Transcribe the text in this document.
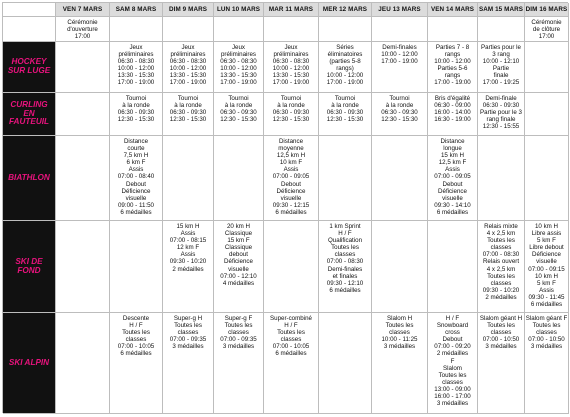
VEN 7 MARS SAM 8 MARS DIM 9 MARS LUN 10 MARS MAR 11 MARS MER 12 MARS JEU 13 MARS VEN 14 MARS SAM 15 MARS DIM 16 MARS
Cérémonie
d'ouverture
17:00
Cérémonie
de clôture
17:00
HOCKEY
SUR LUGE
Jeux
préliminaires
06:30 - 08:30
10:00 - 12:00
13:30 - 15:30
17:00 - 19:00
Jeux
préliminaires
06:30 - 08:30
10:00 - 12:00
13:30 - 15:30
17:00 - 19:00
Jeux
préliminaires
06:30 - 08:30
10:00 - 12:00
13:30 - 15:30
17:00 - 19:00
Jeux
préliminaires
06:30 - 08:30
10:00 - 12:00
13:30 - 15:30
17:00 - 19:00
Séries
éliminatoires
(parties 5-8
rangs)
10:00 - 12:00
17:00 - 19:00
Demi-finales
10:00 - 12:00
17:00 - 19:00
Parties 7 - 8
rangs
10:00 - 12:00
Parties 5-6
rangs
17:00 - 19:00
Parties pour le
3 rang
10:00 - 12:10
Partie
finale
17:00 - 19:25
CURLING
EN
FAUTEUIL
Tournoi
à la ronde
06:30 - 09:30
12:30 - 15:30
Tournoi
à la ronde
06:30 - 09:30
12:30 - 15:30
Tournoi
à la ronde
06:30 - 09:30
12:30 - 15:30
Tournoi
à la ronde
06:30 - 09:30
12:30 - 15:30
Tournoi
à la ronde
06:30 - 09:30
12:30 - 15:30
Tournoi
à la ronde
06:30 - 09:30
12:30 - 15:30
Bris d'égalité
06:30 - 09:00
16:00 - 14:00
16:30 - 19:00
Demi-finale
06:30 - 09:30
Partie pour le 3
rang finale
12:30 - 15:55
BIATHLON
Distance
courte
7,5 km H
6 km F
Assis
07:00 - 08:40
Debout
Déficience
visuelle
09:00 - 11:50
6 médailles
Distance
moyenne
12,5 km H
10 km F
Assis
07:00 - 09:05
Debout
Déficience
visuelle
09:30 - 12:15
6 médailles
Distance
longue
15 km H
12,5 km F
Assis
07:00 - 09:05
Debout
Déficience
visuelle
09:30 - 14:10
6 médailles
SKI DE
FOND
15 km H
Assis
07:00 - 08:15
12 km F
Assis
09:30 - 10:20
2 médailles
20 km H
Classique
15 km F
Classique
debout
Déficience
visuelle
07:00 - 12:10
4 médailles
1 km Sprint
H / F
Qualification
Toutes les
classes
07:00 - 08:30
Demi-finales
et finales
09:30 - 12:10
6 médailles
Relais mixte
4 x 2,5 km
Toutes les
classes
07:00 - 08:30
Relais ouvert
4 x 2,5 km
Toutes les
classes
09:30 - 10:20
2 médailles
10 km H
Libre assis
5 km F
Libre debout
Déficience
visuelle
07:00 - 09:15
10 km H
5 km F
Assis
09:30 - 11:45
6 médailles
SKI ALPIN
Descente
H / F
Toutes les
classes
07:00 - 10:05
6 médailles
Super-g H
Toutes les
classes
07:00 - 09:35
3 médailles
Super-g F
Toutes les
classes
07:00 - 09:35
3 médailles
Super-combiné
H / F
Toutes les
classes
07:00 - 10:05
6 médailles
Slalom H
Toutes les
classes
10:00 - 11:25
3 médailles
H / F
Snowboard
cross
Debout
07:00 - 09:20
2 médailles
F
Slalom
Toutes les
classes
13:00 - 09:00
16:00 - 17:00
3 médailles
Slalom géant H
Toutes les
classes
07:00 - 10:50
3 médailles
Slalom géant F
Toutes les
classes
07:00 - 10:50
3 médailles
